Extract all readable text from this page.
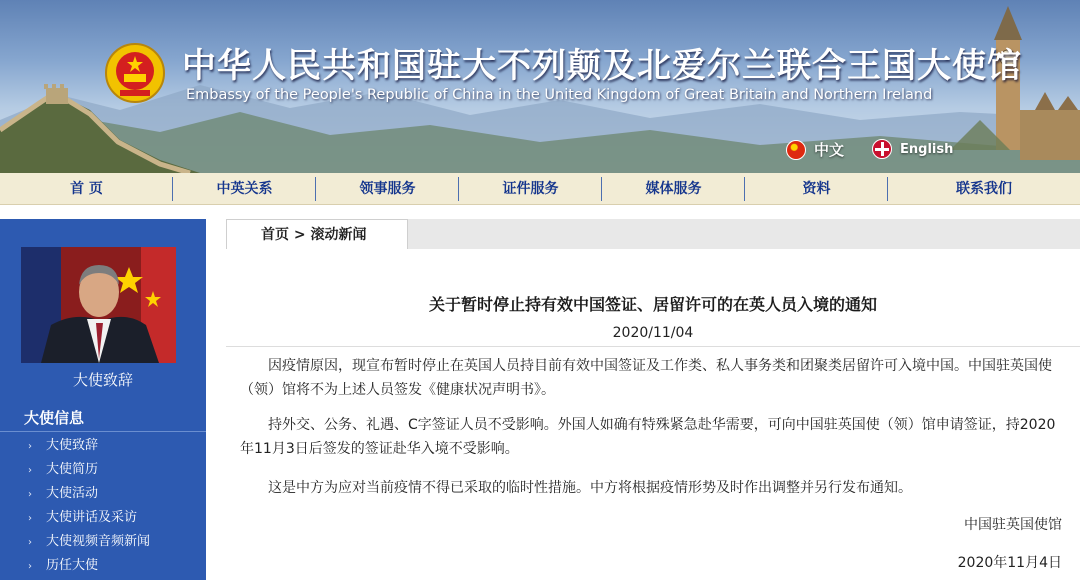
中华人民共和国驻大不列颠及北爱尔兰联合王国大使馆
Embassy of the People's Republic of China in the United Kingdom of Great Britain and Northern Ireland
中文	English
首 页	中英关系	领事服务	证件服务	媒体服务	资料	联系我们
大使致辞
大使信息
› 大使致辞
› 大使简历
› 大使活动
› 大使讲话及采访
› 大使视频音频新闻
› 历任大使
首页 > 滚动新闻
关于暂时停止持有效中国签证、居留许可的在英人员入境的通知
2020/11/04

因疫情原因，现宣布暂时停止在英国人员持目前有效中国签证及工作类、私人事务类和团聚类居留许可入境中国。中国驻英国使（领）馆将不为上述人员签发《健康状况声明书》。

持外交、公务、礼遇、C字签证人员不受影响。外国人如确有特殊紧急赴华需要，可向中国驻英国使（领）馆申请签证，持2020年11月3日后签发的签证赴华入境不受影响。

这是中方为应对当前疫情不得已采取的临时性措施。中方将根据疫情形势及时作出调整并另行发布通知。

中国驻英国使馆
2020年11月4日
